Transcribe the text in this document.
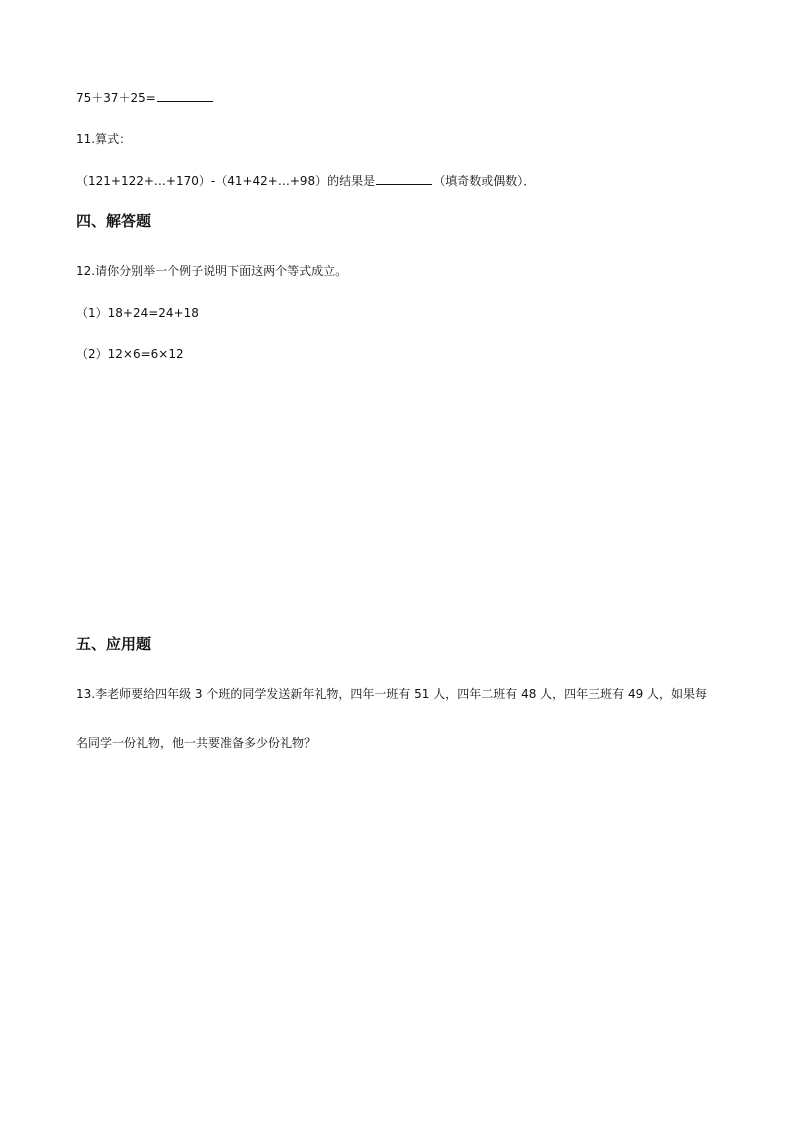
75＋37＋25=
11.算式：
（121+122+…+170）-（41+42+…+98）的结果是	（填奇数或偶数）．
四、解答题
12.请你分别举一个例子说明下面这两个等式成立。
（1）18+24=24+18
（2）12×6=6×12
五、应用题
13.李老师要给四年级 3 个班的同学发送新年礼物，四年一班有 51 人，四年二班有 48 人，四年三班有 49 人，如果每名同学一份礼物，他一共要准备多少份礼物？
